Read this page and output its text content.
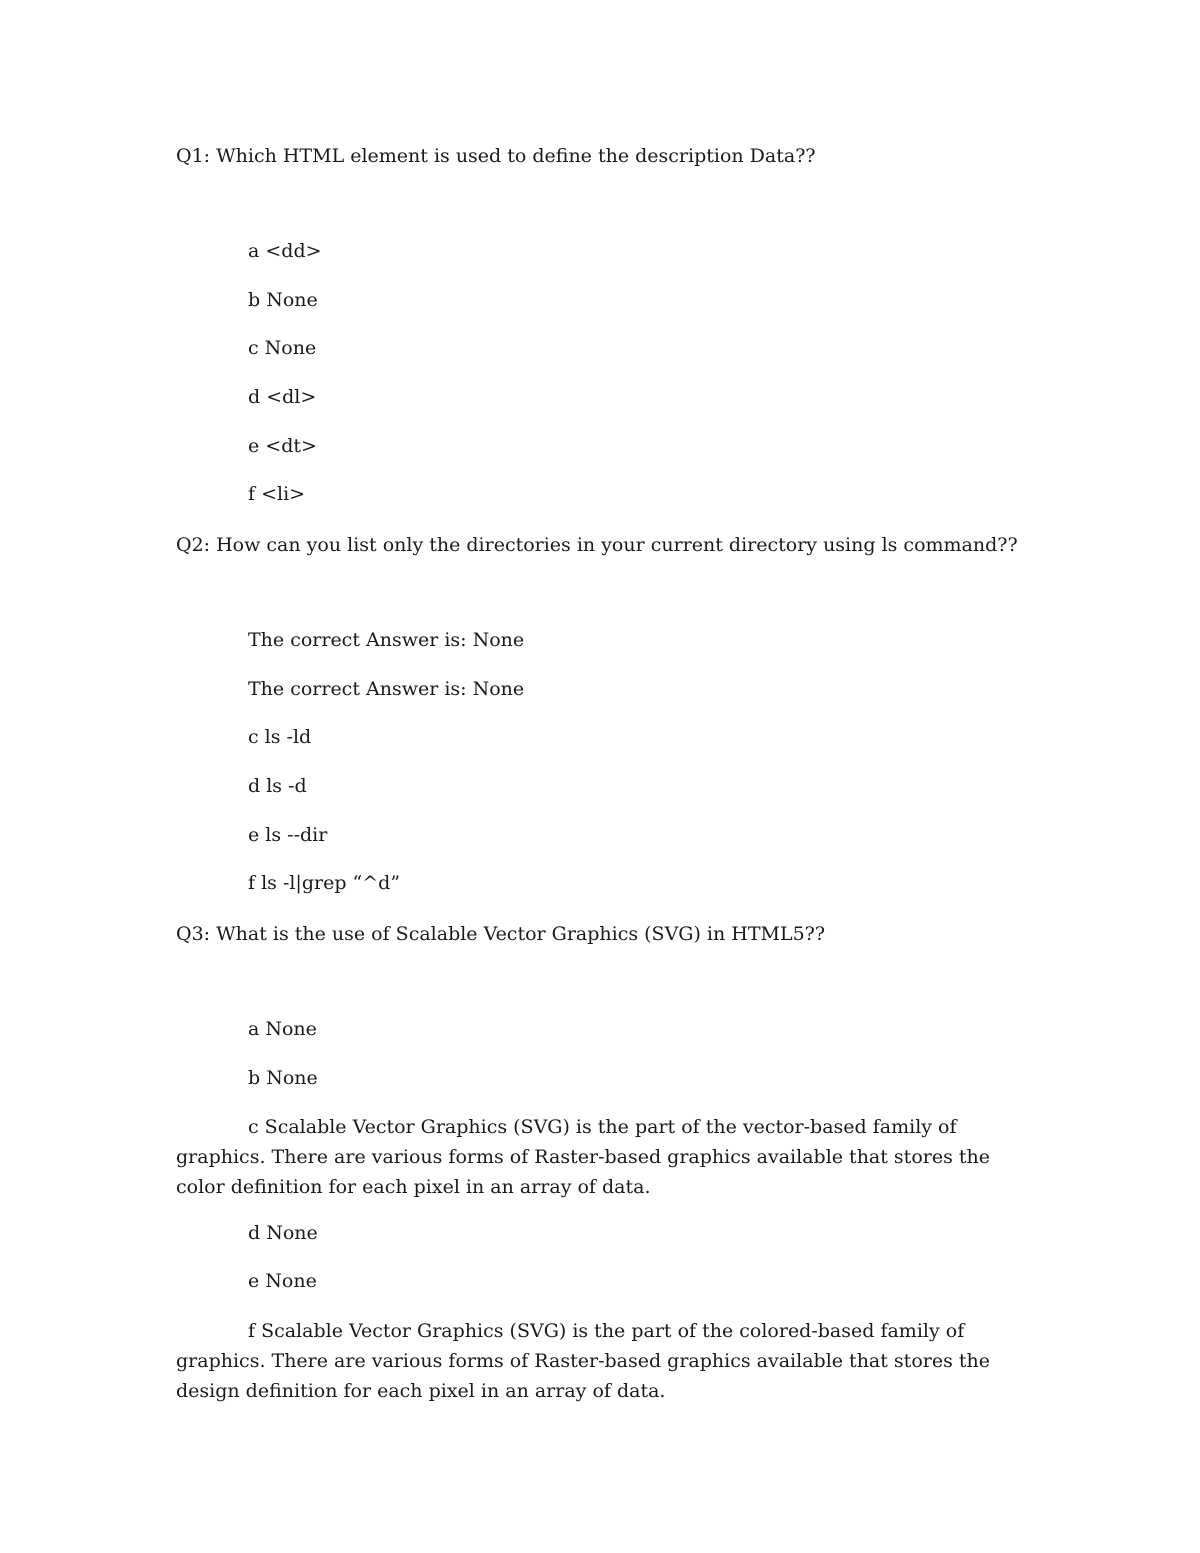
Q1: Which HTML element is used to define the description Data??
a <dd>
b None
c None
d <dl>
e <dt>
f <li>
Q2: How can you list only the directories in your current directory using ls command??
The correct Answer is: None
The correct Answer is: None
c ls -ld
d ls -d
e ls --dir
f ls -l|grep “^d”
Q3: What is the use of Scalable Vector Graphics (SVG) in HTML5??
a None
b None
c Scalable Vector Graphics (SVG) is the part of the vector-based family of graphics. There are various forms of Raster-based graphics available that stores the color definition for each pixel in an array of data.
d None
e None
f Scalable Vector Graphics (SVG) is the part of the colored-based family of graphics. There are various forms of Raster-based graphics available that stores the design definition for each pixel in an array of data.
